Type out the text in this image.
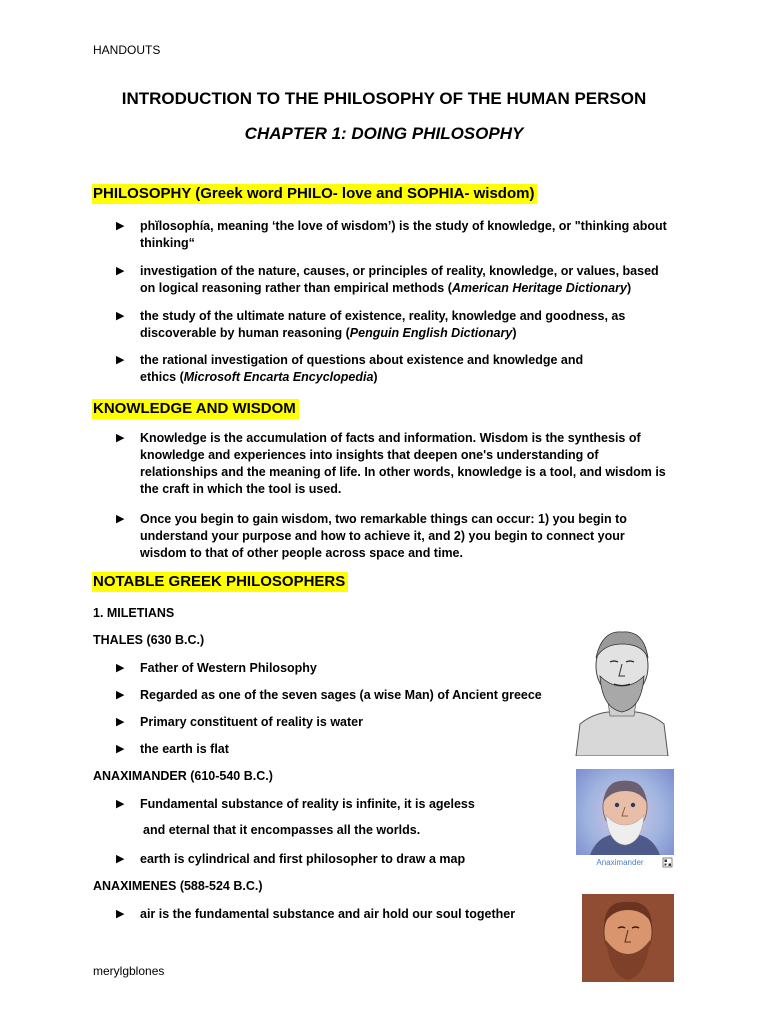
HANDOUTS
INTRODUCTION TO THE PHILOSOPHY OF THE HUMAN PERSON
CHAPTER 1: DOING PHILOSOPHY
PHILOSOPHY (Greek word PHILO- love and SOPHIA- wisdom)
▶ phĭlosophía, meaning ‘the love of wisdom’) is the study of knowledge, or "thinking about thinking“
▶ investigation of the nature, causes, or principles of reality, knowledge, or values, based on logical reasoning rather than empirical methods (American Heritage Dictionary)
▶ the study of the ultimate nature of existence, reality, knowledge and goodness, as discoverable by human reasoning (Penguin English Dictionary)
▶ the rational investigation of questions about existence and knowledge and ethics (Microsoft Encarta Encyclopedia)
KNOWLEDGE AND WISDOM
▶ Knowledge is the accumulation of facts and information. Wisdom is the synthesis of knowledge and experiences into insights that deepen one's understanding of relationships and the meaning of life. In other words, knowledge is a tool, and wisdom is the craft in which the tool is used.
▶ Once you begin to gain wisdom, two remarkable things can occur: 1) you begin to understand your purpose and how to achieve it, and 2) you begin to connect your wisdom to that of other people across space and time.
NOTABLE GREEK PHILOSOPHERS
1. MILETIANS
THALES (630 B.C.)
▶ Father of Western Philosophy
▶ Regarded as one of the seven sages (a wise Man) of Ancient greece
▶ Primary constituent of reality is water
▶ the earth is flat
ANAXIMANDER (610-540 B.C.)
▶ Fundamental substance of reality is infinite, it is ageless
and eternal that it encompasses all the worlds.
▶ earth is cylindrical and first philosopher to draw a map
ANAXIMENES (588-524 B.C.)
▶ air is the fundamental substance and air hold our soul together
Anaximander
merylgblones
